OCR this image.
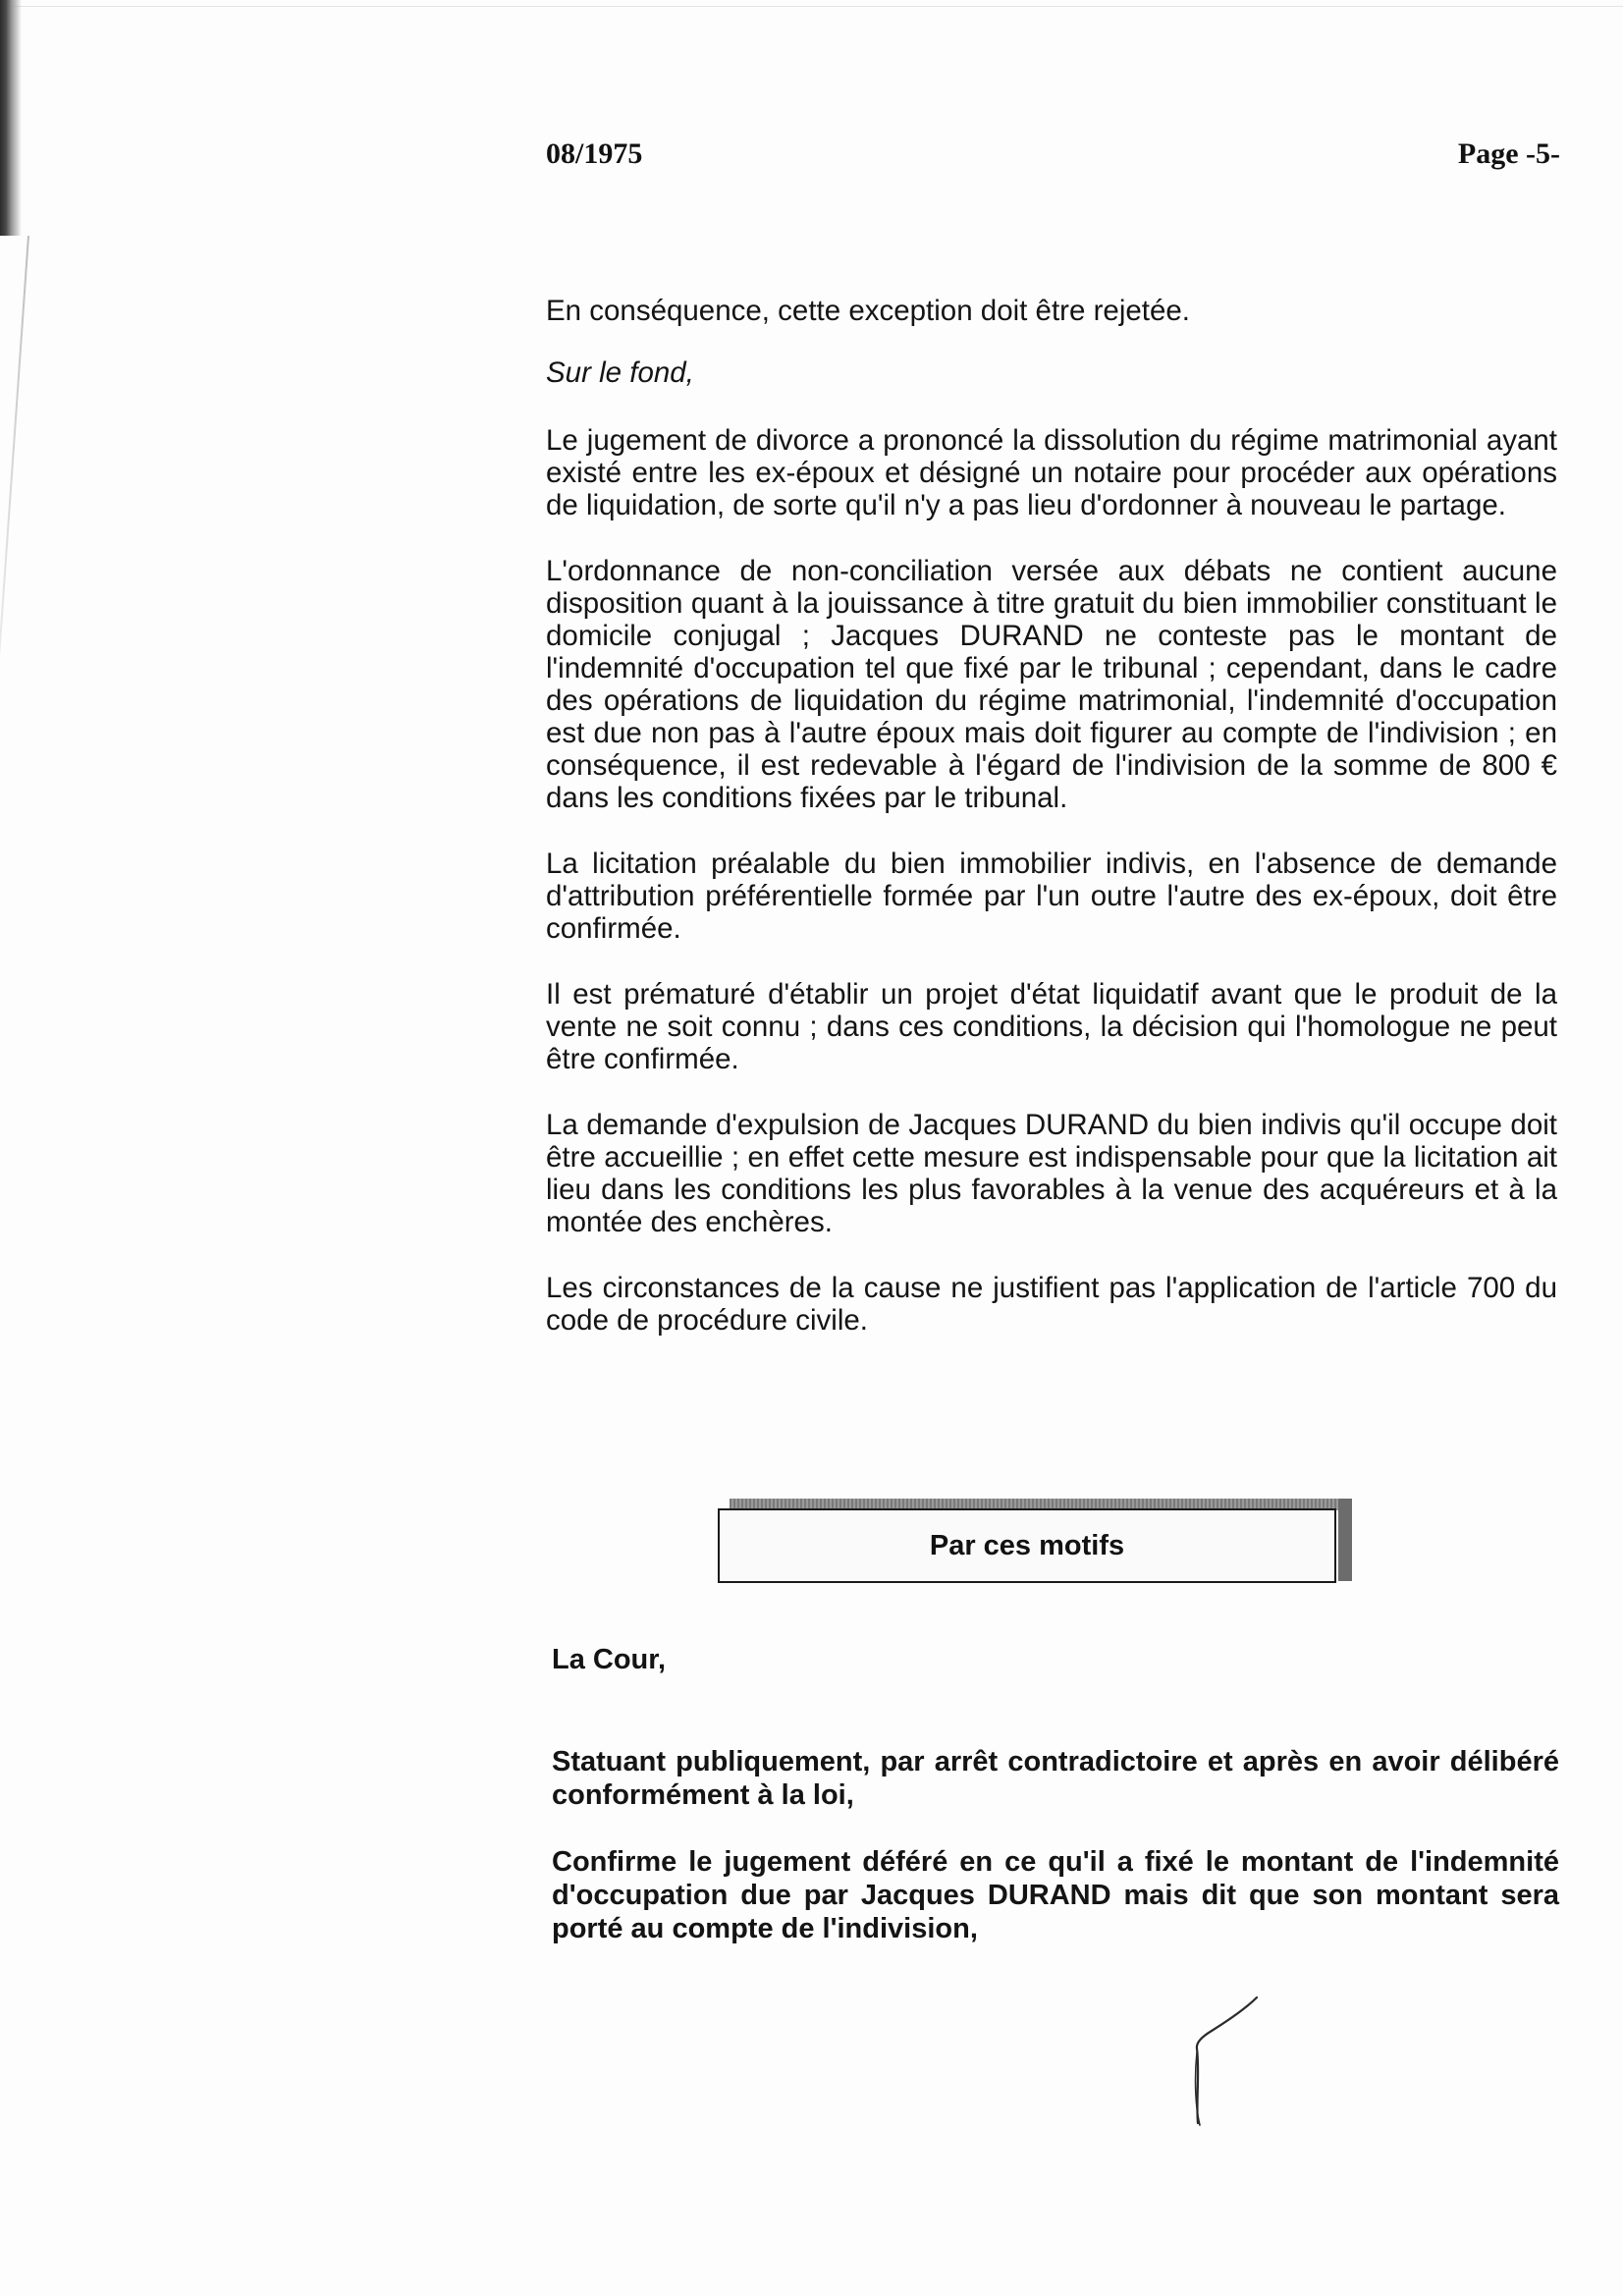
08/1975	Page -5-

En conséquence, cette exception doit être rejetée.

Sur le fond,

Le jugement de divorce a prononcé la dissolution du régime matrimonial ayant existé entre les ex-époux et désigné un notaire pour procéder aux opérations de liquidation, de sorte qu'il n'y a pas lieu d'ordonner à nouveau le partage.

L'ordonnance de non-conciliation versée aux débats ne contient aucune disposition quant à la jouissance à titre gratuit du bien immobilier constituant le domicile conjugal ; Jacques DURAND ne conteste pas le montant de l'indemnité d'occupation tel que fixé par le tribunal ; cependant, dans le cadre des opérations de liquidation du régime matrimonial, l'indemnité d'occupation est due non pas à l'autre époux mais doit figurer au compte de l'indivision ; en conséquence, il est redevable à l'égard de l'indivision de la somme de 800 € dans les conditions fixées par le tribunal.

La licitation préalable du bien immobilier indivis, en l'absence de demande d'attribution préférentielle formée par l'un outre l'autre des ex-époux, doit être confirmée.

Il est prématuré d'établir un projet d'état liquidatif avant que le produit de la vente ne soit connu ; dans ces conditions, la décision qui l'homologue ne peut être confirmée.

La demande d'expulsion de Jacques DURAND du bien indivis qu'il occupe doit être accueillie ; en effet cette mesure est indispensable pour que la licitation ait lieu dans les conditions les plus favorables à la venue des acquéreurs et à la montée des enchères.

Les circonstances de la cause ne justifient pas l'application de l'article 700 du code de procédure civile.

Par ces motifs

La Cour,

Statuant publiquement, par arrêt contradictoire et après en avoir délibéré conformément à la loi,

Confirme le jugement déféré en ce qu'il a fixé le montant de l'indemnité d'occupation due par Jacques DURAND mais dit que son montant sera porté au compte de l'indivision,
